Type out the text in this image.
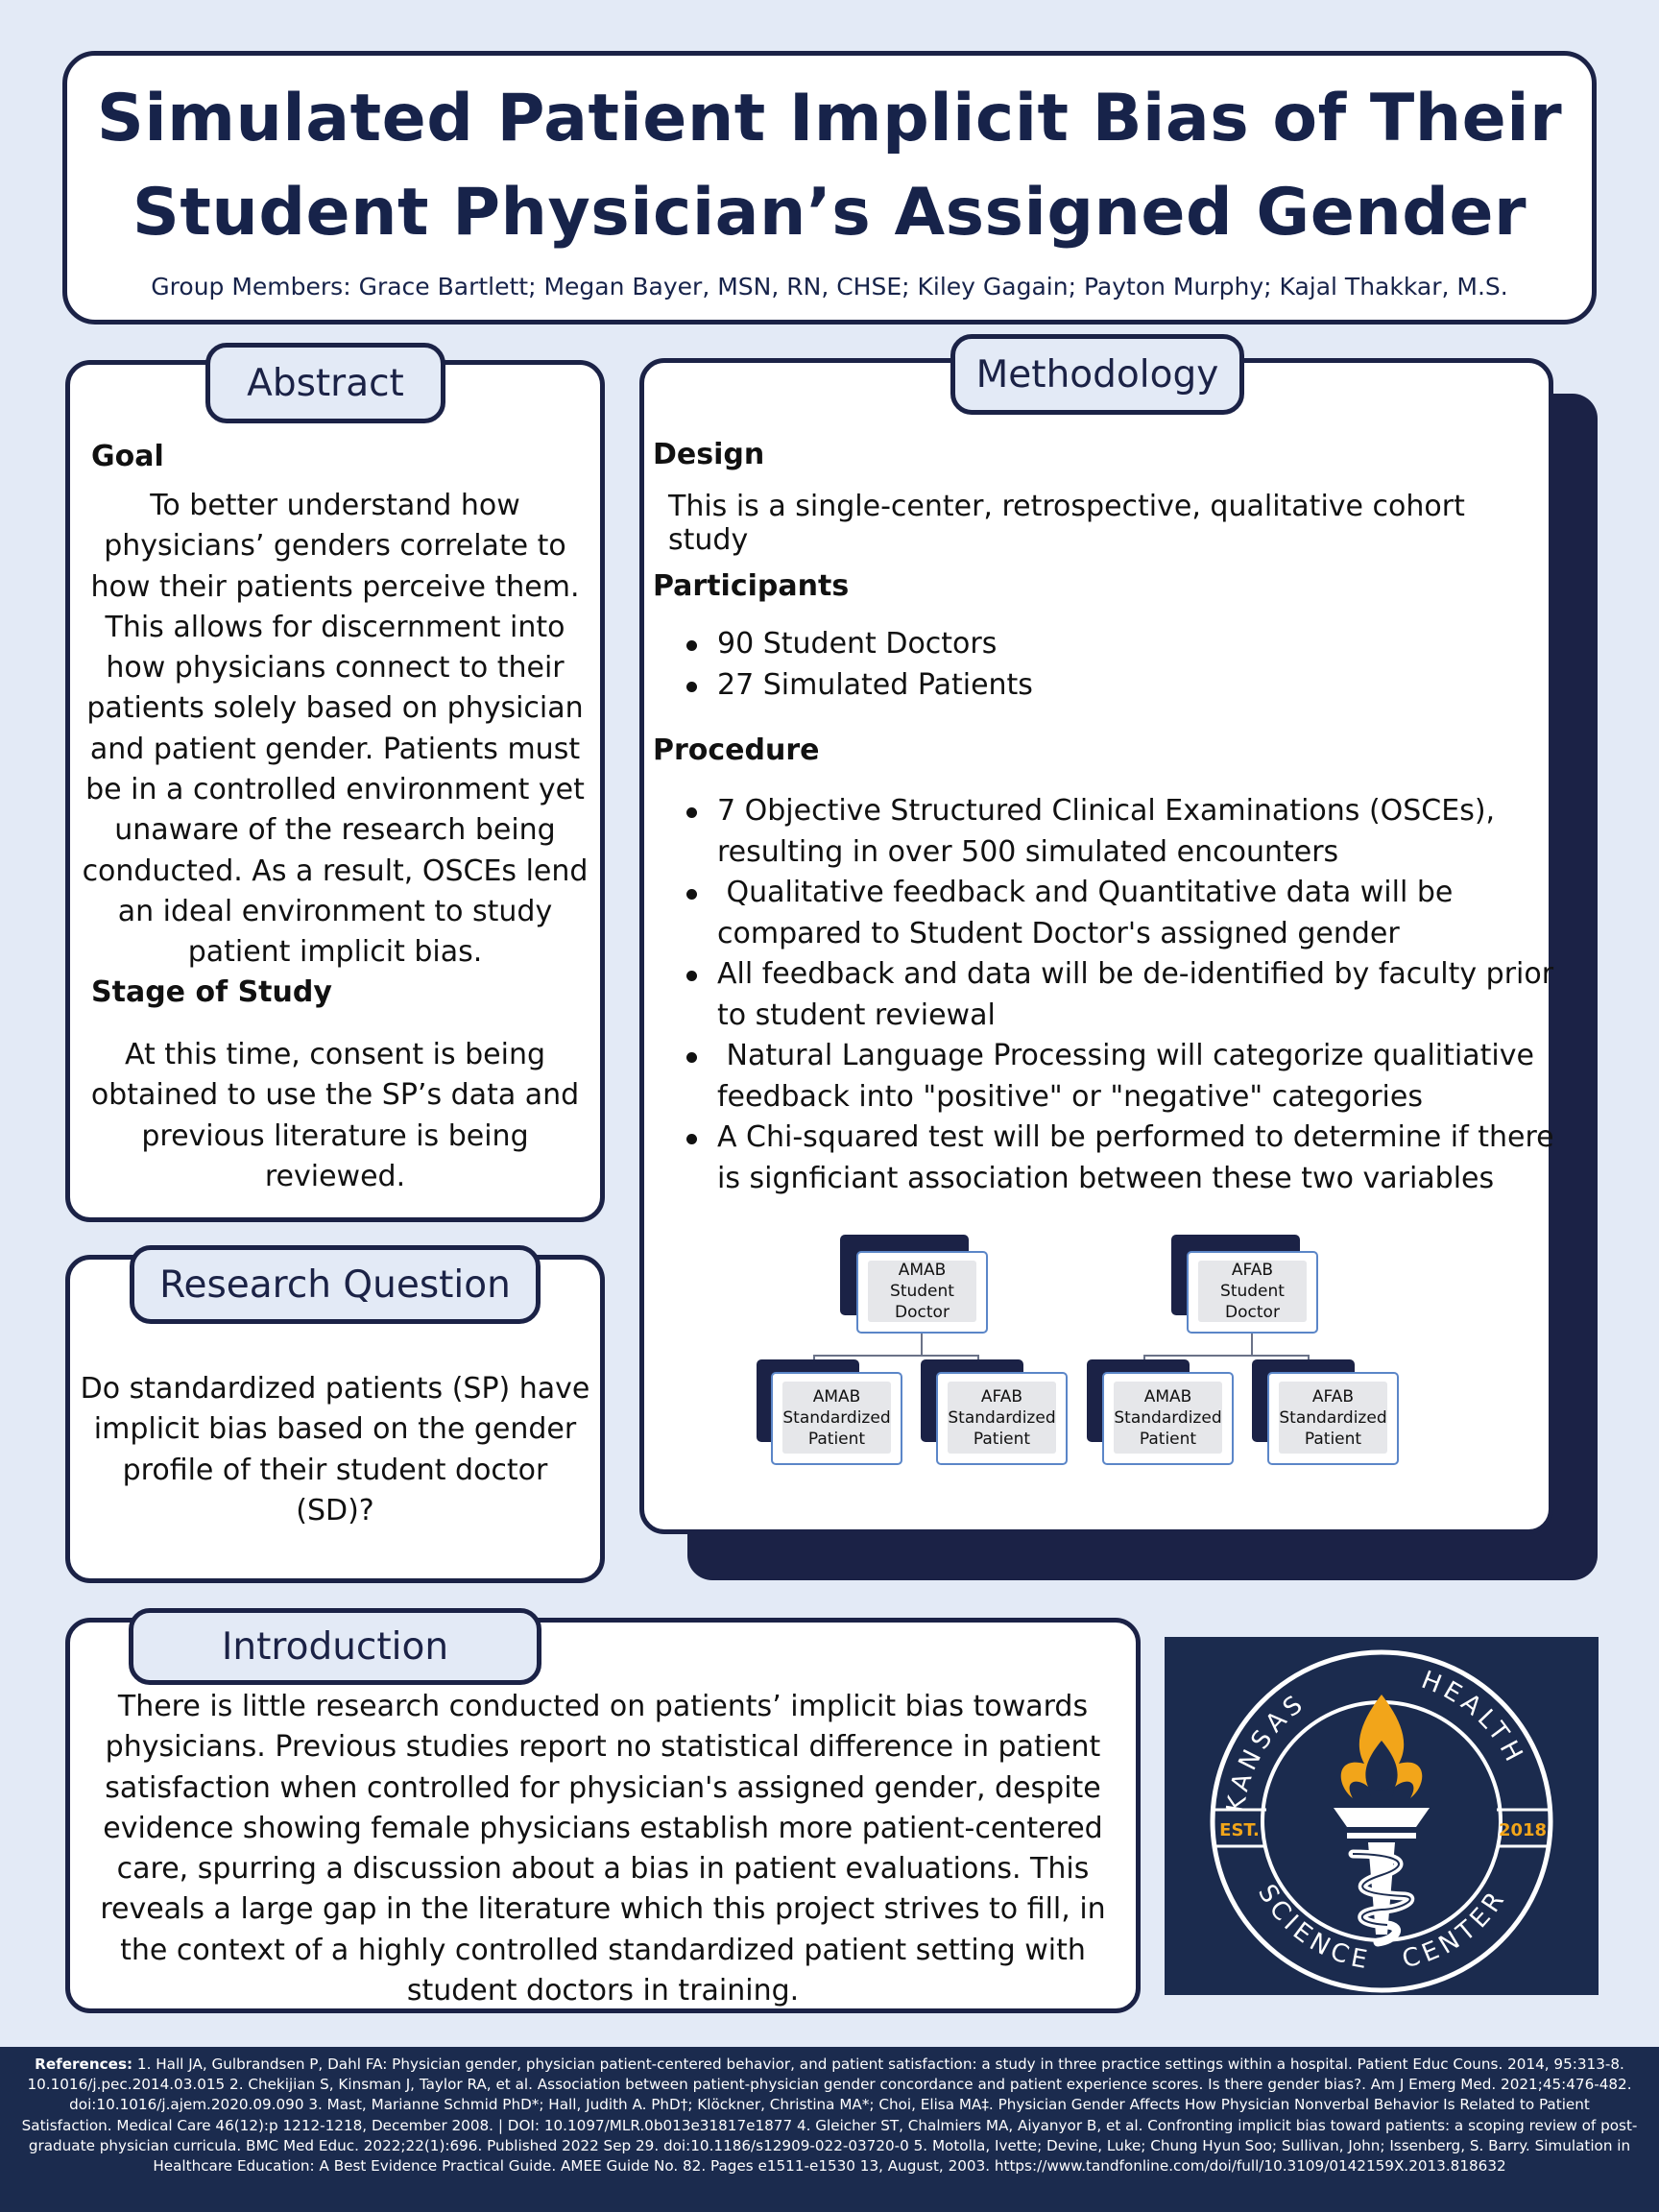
Simulated Patient Implicit Bias of Their
Student Physician’s Assigned Gender
Group Members: Grace Bartlett; Megan Bayer, MSN, RN, CHSE; Kiley Gagain; Payton Murphy; Kajal Thakkar, M.S.
Goal
To better understand how
physicians’ genders correlate to
how their patients perceive them.
This allows for discernment into
how physicians connect to their
patients solely based on physician
and patient gender. Patients must
be in a controlled environment yet
unaware of the research being
conducted. As a result, OSCEs lend
an ideal environment to study
patient implicit bias.
Stage of Study
At this time, consent is being
obtained to use the SP’s data and
previous literature is being
reviewed.
Abstract
Do standardized patients (SP) have
implicit bias based on the gender
profile of their student doctor
(SD)?
Research Question
Design
This is a single-center, retrospective, qualitative cohort study
Participants
90 Student Doctors
27 Simulated Patients
Procedure
7 Objective Structured Clinical Examinations (OSCEs),
resulting in over 500 simulated encounters
Qualitative feedback and Quantitative data will be
compared to Student Doctor's assigned gender
All feedback and data will be de-identified by faculty prior
to student reviewal
Natural Language Processing will categorize qualitiative
feedback into "positive" or "negative" categories
A Chi-squared test will be performed to determine if there
is signficiant association between these two variables
AMAB Student
Doctor
AFAB Student
Doctor
AMAB
Standardized
Patient
AFAB
Standardized
Patient
AMAB
Standardized
Patient
AFAB
Standardized
Patient
Methodology
There is little research conducted on patients’ implicit bias towards
physicians. Previous studies report no statistical difference in patient
satisfaction when controlled for physician's assigned gender, despite
evidence showing female physicians establish more patient-centered
care, spurring a discussion about a bias in patient evaluations. This
reveals a large gap in the literature which this project strives to fill, in
the context of a highly controlled standardized patient setting with
student doctors in training.
Introduction
KANSAS
HEALTH
SCIENCE CENTER
EST.	2018
References: 1. Hall JA, Gulbrandsen P, Dahl FA: Physician gender, physician patient-centered behavior, and patient satisfaction: a study in three practice settings within a hospital. Patient Educ Couns. 2014, 95:313-8.
10.1016/j.pec.2014.03.015 2. Chekijian S, Kinsman J, Taylor RA, et al. Association between patient-physician gender concordance and patient experience scores. Is there gender bias?. Am J Emerg Med. 2021;45:476-482.
doi:10.1016/j.ajem.2020.09.090 3. Mast, Marianne Schmid PhD*; Hall, Judith A. PhD†; Klöckner, Christina MA*; Choi, Elisa MA‡. Physician Gender Affects How Physician Nonverbal Behavior Is Related to Patient
Satisfaction. Medical Care 46(12):p 1212-1218, December 2008. | DOI: 10.1097/MLR.0b013e31817e1877 4. Gleicher ST, Chalmiers MA, Aiyanyor B, et al. Confronting implicit bias toward patients: a scoping review of post-
graduate physician curricula. BMC Med Educ. 2022;22(1):696. Published 2022 Sep 29. doi:10.1186/s12909-022-03720-0 5. Motolla, Ivette; Devine, Luke; Chung Hyun Soo; Sullivan, John; Issenberg, S. Barry. Simulation in
Healthcare Education: A Best Evidence Practical Guide. AMEE Guide No. 82. Pages e1511-e1530 13, August, 2003. https://www.tandfonline.com/doi/full/10.3109/0142159X.2013.818632
